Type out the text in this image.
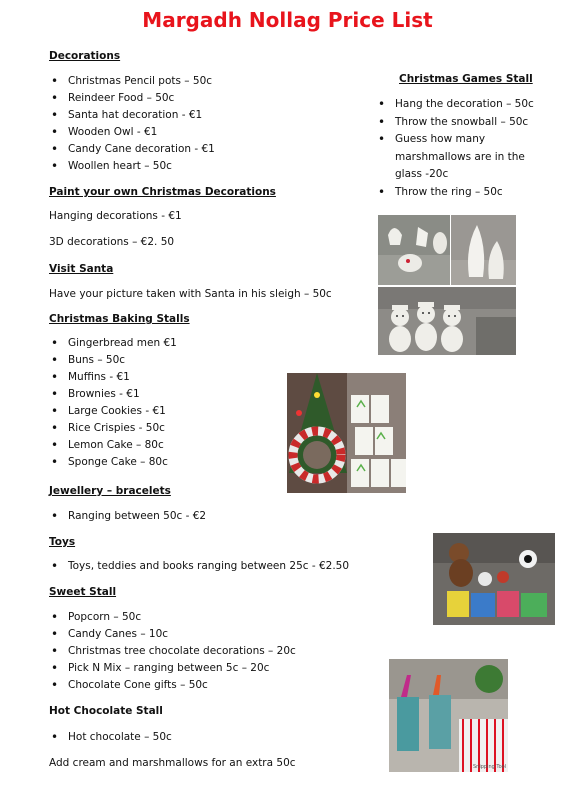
Margadh Nollag Price List
Decorations
• Christmas Pencil pots – 50c
• Reindeer Food – 50c
• Santa hat decoration - €1
• Wooden Owl - €1
• Candy Cane decoration - €1
• Woollen heart – 50c
Paint your own Christmas Decorations
Hanging decorations - €1
3D decorations – €2. 50
Visit Santa
Have your picture taken with Santa in his sleigh – 50c
Christmas Baking Stalls
• Gingerbread men €1
• Buns – 50c
• Muffins - €1
• Brownies - €1
• Large Cookies - €1
• Rice Crispies - 50c
• Lemon Cake – 80c
• Sponge Cake – 80c
Jewellery – bracelets
• Ranging between 50c - €2
Toys
• Toys, teddies and books ranging between 25c - €2.50
Sweet Stall
• Popcorn – 50c
• Candy Canes – 10c
• Christmas tree chocolate decorations – 20c
• Pick N Mix – ranging between 5c – 20c
• Chocolate Cone gifts – 50c
Hot Chocolate Stall
• Hot chocolate – 50c
Add cream and marshmallows for an extra 50c
Christmas Games Stall
• Hang the decoration – 50c
• Throw the snowball – 50c
• Guess how many marshmallows are in the glass -20c
• Throw the ring – 50c
Snipping Tool
